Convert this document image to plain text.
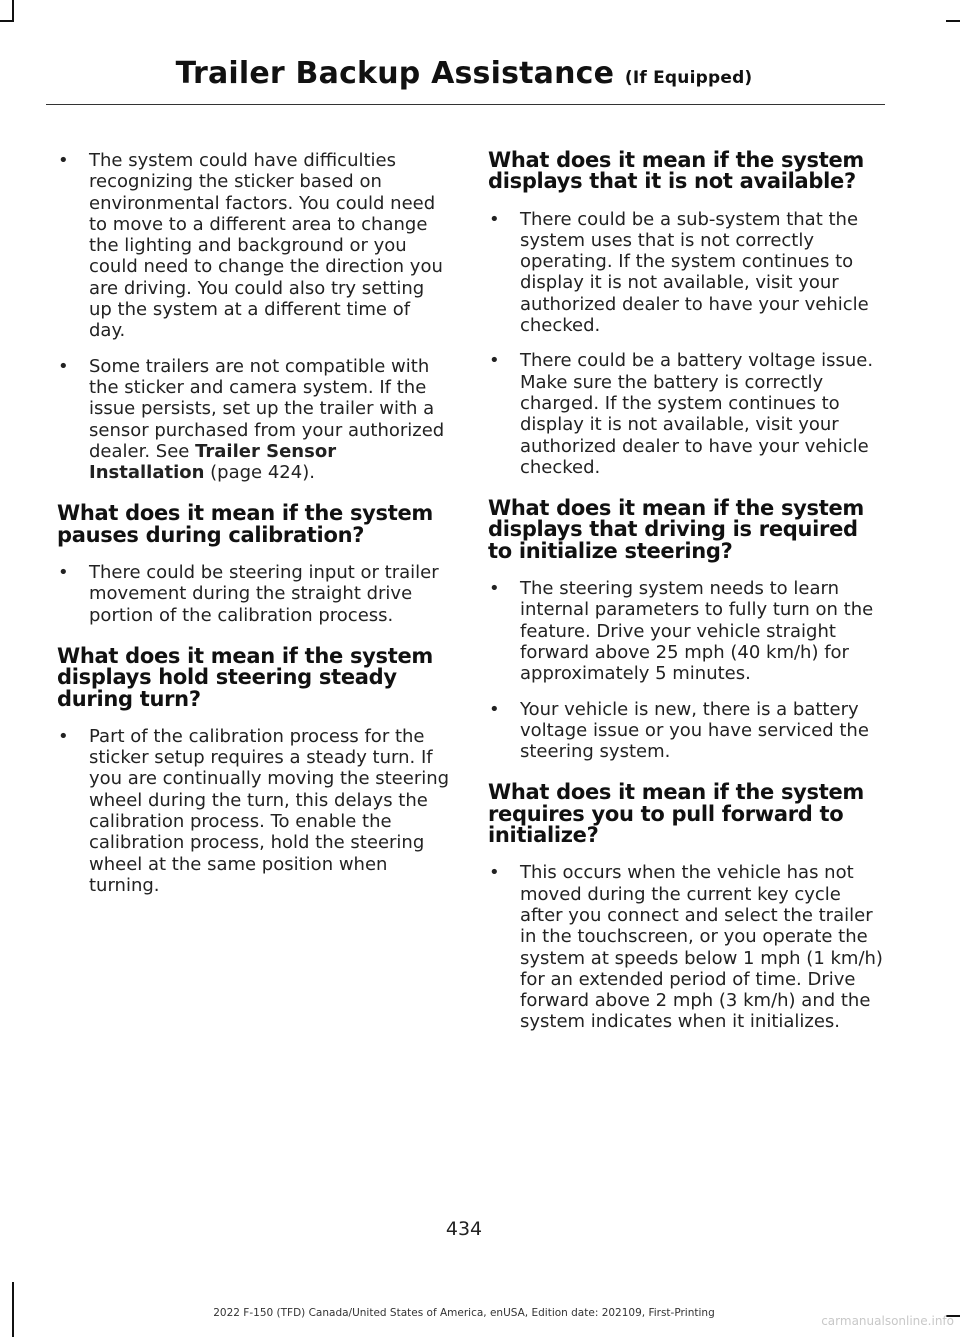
Trailer Backup Assistance (If Equipped)
• The system could have difficulties recognizing the sticker based on environmental factors. You could need to move to a different area to change the lighting and background or you could need to change the direction you are driving. You could also try setting up the system at a different time of day.
• Some trailers are not compatible with the sticker and camera system. If the issue persists, set up the trailer with a sensor purchased from your authorized dealer. See Trailer Sensor Installation (page 424).
What does it mean if the system pauses during calibration?
• There could be steering input or trailer movement during the straight drive portion of the calibration process.
What does it mean if the system displays hold steering steady during turn?
• Part of the calibration process for the sticker setup requires a steady turn. If you are continually moving the steering wheel during the turn, this delays the calibration process. To enable the calibration process, hold the steering wheel at the same position when turning.
What does it mean if the system displays that it is not available?
• There could be a sub-system that the system uses that is not correctly operating. If the system continues to display it is not available, visit your authorized dealer to have your vehicle checked.
• There could be a battery voltage issue. Make sure the battery is correctly charged. If the system continues to display it is not available, visit your authorized dealer to have your vehicle checked.
What does it mean if the system displays that driving is required to initialize steering?
• The steering system needs to learn internal parameters to fully turn on the feature. Drive your vehicle straight forward above 25 mph (40 km/h) for approximately 5 minutes.
• Your vehicle is new, there is a battery voltage issue or you have serviced the steering system.
What does it mean if the system requires you to pull forward to initialize?
• This occurs when the vehicle has not moved during the current key cycle after you connect and select the trailer in the touchscreen, or you operate the system at speeds below 1 mph (1 km/h) for an extended period of time. Drive forward above 2 mph (3 km/h) and the system indicates when it initializes.
434
2022 F-150 (TFD) Canada/United States of America, enUSA, Edition date: 202109, First-Printing
carmanualsonline.info
